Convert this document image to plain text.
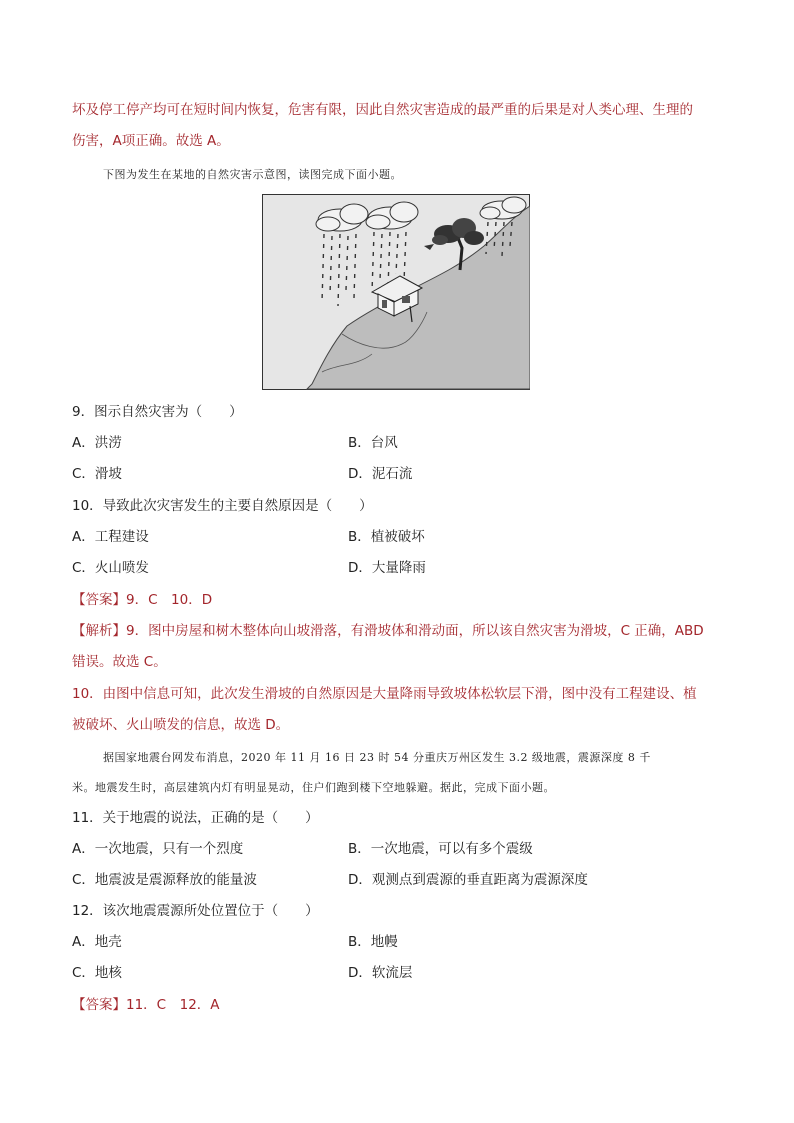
坏及停工停产均可在短时间内恢复，危害有限，因此自然灾害造成的最严重的后果是对人类心理、生理的
伤害，A项正确。故选 A。
下图为发生在某地的自然灾害示意图，读图完成下面小题。
9．图示自然灾害为（　　）
A．洪涝	B．台风
C．滑坡	D．泥石流
10．导致此次灾害发生的主要自然原因是（　　）
A．工程建设	B．植被破坏
C．火山喷发	D．大量降雨
【答案】9．C　10．D
【解析】9．图中房屋和树木整体向山坡滑落，有滑坡体和滑动面，所以该自然灾害为滑坡，C 正确，ABD
错误。故选 C。
10．由图中信息可知，此次发生滑坡的自然原因是大量降雨导致坡体松软层下滑，图中没有工程建设、植
被破坏、火山喷发的信息，故选 D。
据国家地震台网发布消息，2020 年 11 月 16 日 23 时 54 分重庆万州区发生 3.2 级地震，震源深度 8 千
米。地震发生时，高层建筑内灯有明显晃动，住户们跑到楼下空地躲避。据此，完成下面小题。
11．关于地震的说法，正确的是（　　）
A．一次地震，只有一个烈度	B．一次地震，可以有多个震级
C．地震波是震源释放的能量波	D．观测点到震源的垂直距离为震源深度
12．该次地震震源所处位置位于（　　）
A．地壳	B．地幔
C．地核	D．软流层
【答案】11．C　12．A
